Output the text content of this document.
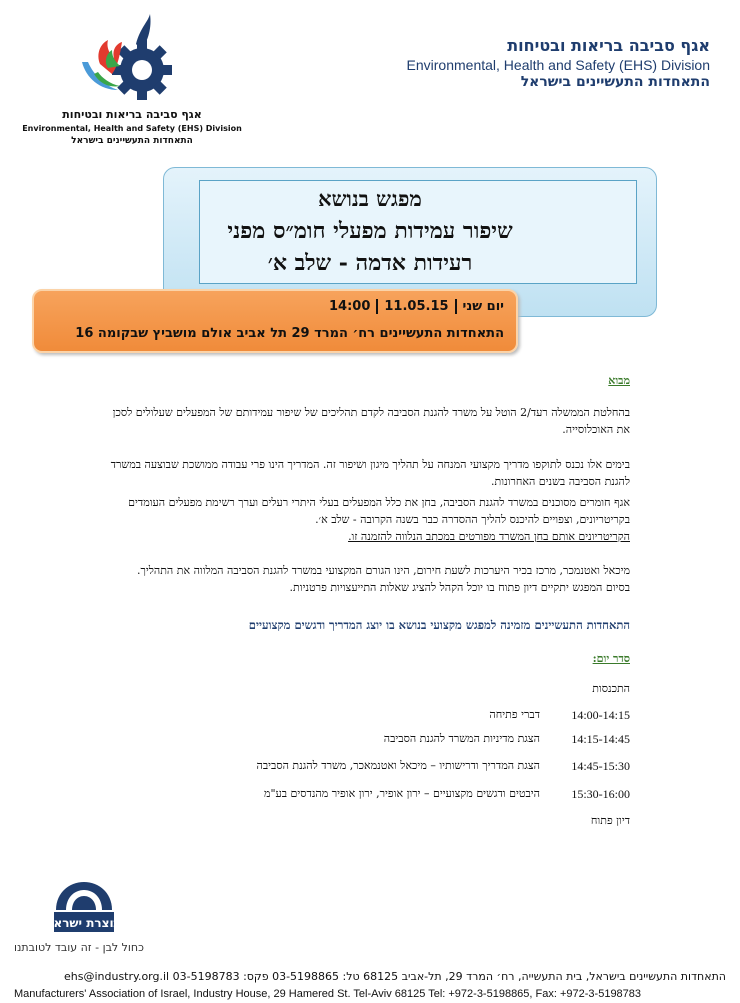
אגף סביבה בריאות ובטיחות
Environmental, Health and Safety (EHS) Division
התאחדות התעשיינים בישראל
אגף סביבה בריאות ובטיחות
Environmental, Health and Safety (EHS) Division
התאחדות התעשיינים בישראל
מפגש בנושא
שיפור עמידות מפעלי חומ״ס מפני
רעידות אדמה - שלב א׳
יום שני11.05.1514:00
התאחדות התעשיינים רח׳ המרד 29 תל אביב אולם מושביץ שבקומה 16
מבוא
בהחלטת הממשלה רעד/2 הוטל על משרד להגנת הסביבה לקדם תהליכים של שיפור עמידותם של המפעלים שעלולים לסכן את האוכלוסייה.
בימים אלו נכנס לתוקפו מדריך מקצועי המנחה על תהליך מיגון ושיפור זה. המדריך הינו פרי עבודה ממושכת שבוצעה במשרד להגנת הסביבה בשנים האחרונות.
אגף חומרים מסוכנים במשרד להגנת הסביבה, בחן את כלל המפעלים בעלי היתרי רעלים וערך רשימת מפעלים העומדים בקריטריונים, וצפויים להיכנס להליך ההסדרה כבר בשנה הקרובה - שלב א׳.
הקריטריונים אותם בחן המשרד מפורטים במכתב הנלווה להזמנה זו.
מיכאל ואטנמכר, מרכז בכיר היערכות לשעת חירום, הינו הגורם המקצועי במשרד להגנת הסביבה המלווה את התהליך. בסיום המפגש יתקיים דיון פתוח בו יוכל הקהל להציג שאלות התייעצויות פרטניות.
התאחדות התעשיינים מזמינה למפגש מקצועי בנושא בו יוצג המדריך ודגשים מקצועיים
סדר יום:
התכנסות
14:00-14:15
דברי פתיחה
14:15-14:45
הצגת מדיניות המשרד להגנת הסביבה
14:45-15:30
הצגת המדריך ודרישותיו – מיכאל ואטנמאכר, משרד להגנת הסביבה
15:30-16:00
היבטים ודגשים מקצועיים – ירון אופיר, ירון אופיר מהנדסים בע"מ
דיון פתוח
תוצרת ישראל
כחול לבן - זה עובד לטובתנו
התאחדות התעשיינים בישראל, בית התעשייה, רח׳ המרד 29, תל-אביב 68125 טל: 03-5198865 פקס: 03-5198783 ehs@industry.org.il
Manufacturers' Association of Israel, Industry House, 29 Hamered St. Tel-Aviv 68125 Tel: +972-3-5198865, Fax: +972-3-5198783
